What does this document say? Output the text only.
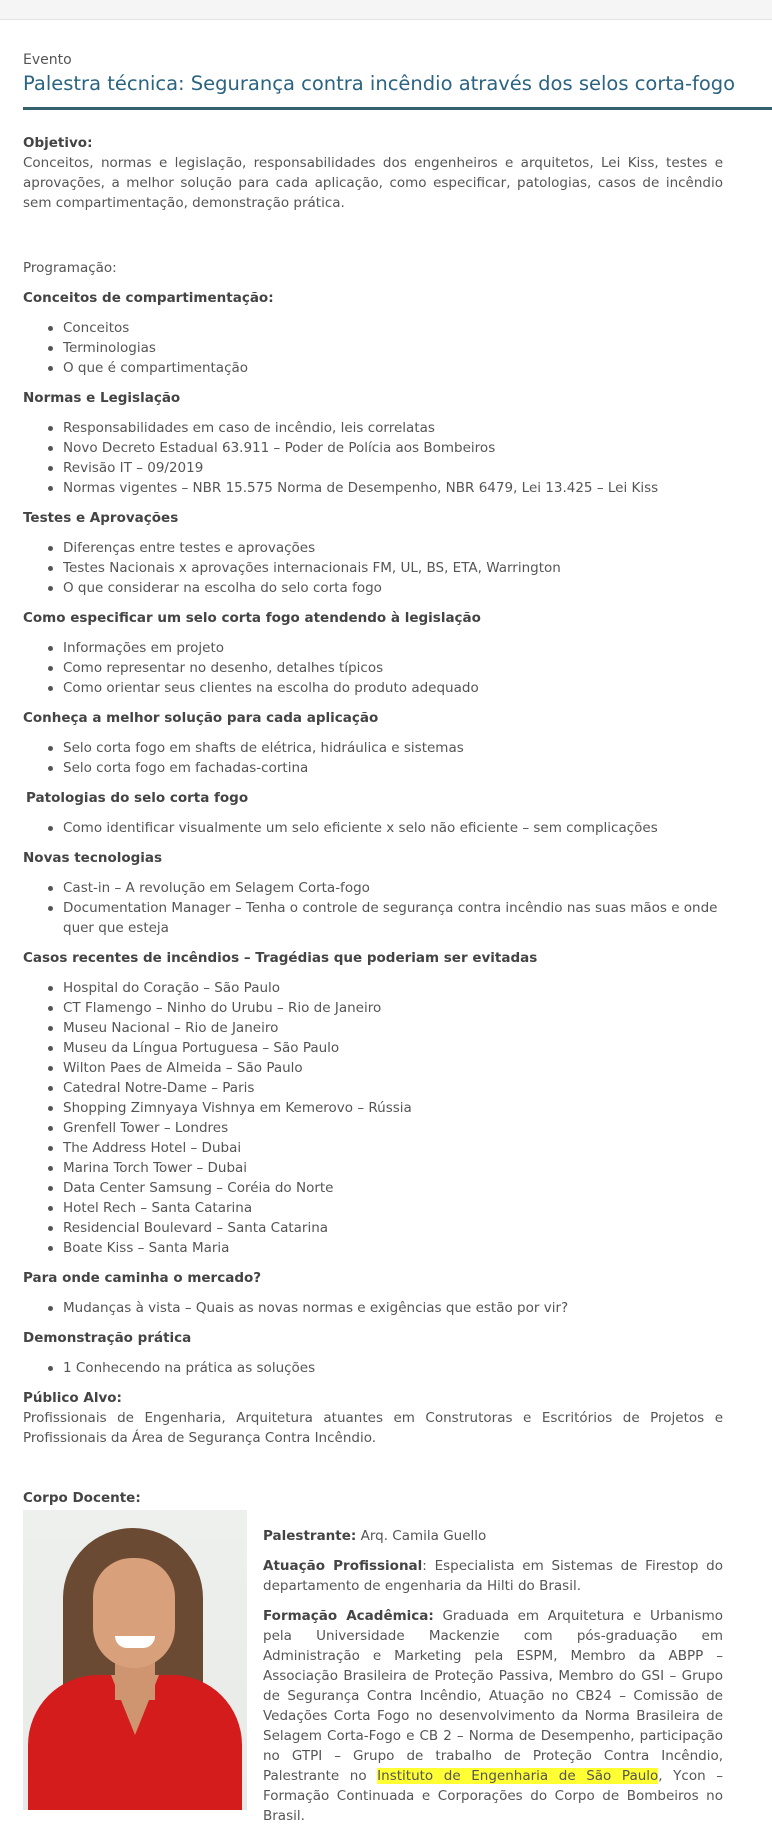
Evento
Palestra técnica: Segurança contra incêndio através dos selos corta-fogo
Objetivo:

Conceitos, normas e legislação, responsabilidades dos engenheiros e arquitetos, Lei Kiss, testes e aprovações, a melhor solução para cada aplicação, como especificar, patologias, casos de incêndio sem compartimentação, demonstração prática.

Programação:

Conceitos de compartimentação:
Conceitos
Terminologias
O que é compartimentação
Normas e Legislação
Responsabilidades em caso de incêndio, leis correlatas
Novo Decreto Estadual 63.911 – Poder de Polícia aos Bombeiros
Revisão IT – 09/2019
Normas vigentes – NBR 15.575 Norma de Desempenho, NBR 6479, Lei 13.425 – Lei Kiss
Testes e Aprovações
Diferenças entre testes e aprovações
Testes Nacionais x aprovações internacionais FM, UL, BS, ETA, Warrington
O que considerar na escolha do selo corta fogo
Como especificar um selo corta fogo atendendo à legislação
Informações em projeto
Como representar no desenho, detalhes típicos
Como orientar seus clientes na escolha do produto adequado
Conheça a melhor solução para cada aplicação
Selo corta fogo em shafts de elétrica, hidráulica e sistemas
Selo corta fogo em fachadas-cortina
Patologias do selo corta fogo
Como identificar visualmente um selo eficiente x selo não eficiente – sem complicações
Novas tecnologias
Cast-in – A revolução em Selagem Corta-fogo
Documentation Manager – Tenha o controle de segurança contra incêndio nas suas mãos e onde quer que esteja
Casos recentes de incêndios – Tragédias que poderiam ser evitadas
Hospital do Coração – São Paulo
CT Flamengo – Ninho do Urubu – Rio de Janeiro
Museu Nacional – Rio de Janeiro
Museu da Língua Portuguesa – São Paulo
Wilton Paes de Almeida – São Paulo
Catedral Notre-Dame – Paris
Shopping Zimnyaya Vishnya em Kemerovo – Rússia
Grenfell Tower – Londres
The Address Hotel – Dubai
Marina Torch Tower – Dubai
Data Center Samsung – Coréia do Norte
Hotel Rech – Santa Catarina
Residencial Boulevard – Santa Catarina
Boate Kiss – Santa Maria
Para onde caminha o mercado?
Mudanças à vista – Quais as novas normas e exigências que estão por vir?
Demonstração prática
1 Conhecendo na prática as soluções
Público Alvo:

Profissionais de Engenharia, Arquitetura atuantes em Construtoras e Escritórios de Projetos e Profissionais da Área de Segurança Contra Incêndio.

Corpo Docente:

Palestrante: Arq. Camila Guello

Atuação Profissional: Especialista em Sistemas de Firestop do departamento de engenharia da Hilti do Brasil.

Formação Acadêmica: Graduada em Arquitetura e Urbanismo pela Universidade Mackenzie com pós-graduação em Administração e Marketing pela ESPM, Membro da ABPP – Associação Brasileira de Proteção Passiva, Membro do GSI – Grupo de Segurança Contra Incêndio, Atuação no CB24 – Comissão de Vedações Corta Fogo no desenvolvimento da Norma Brasileira de Selagem Corta-Fogo e CB 2 – Norma de Desempenho, participação no GTPI – Grupo de trabalho de Proteção Contra Incêndio, Palestrante no Instituto de Engenharia de São Paulo, Ycon – Formação Continuada e Corporações do Corpo de Bombeiros no Brasil.
